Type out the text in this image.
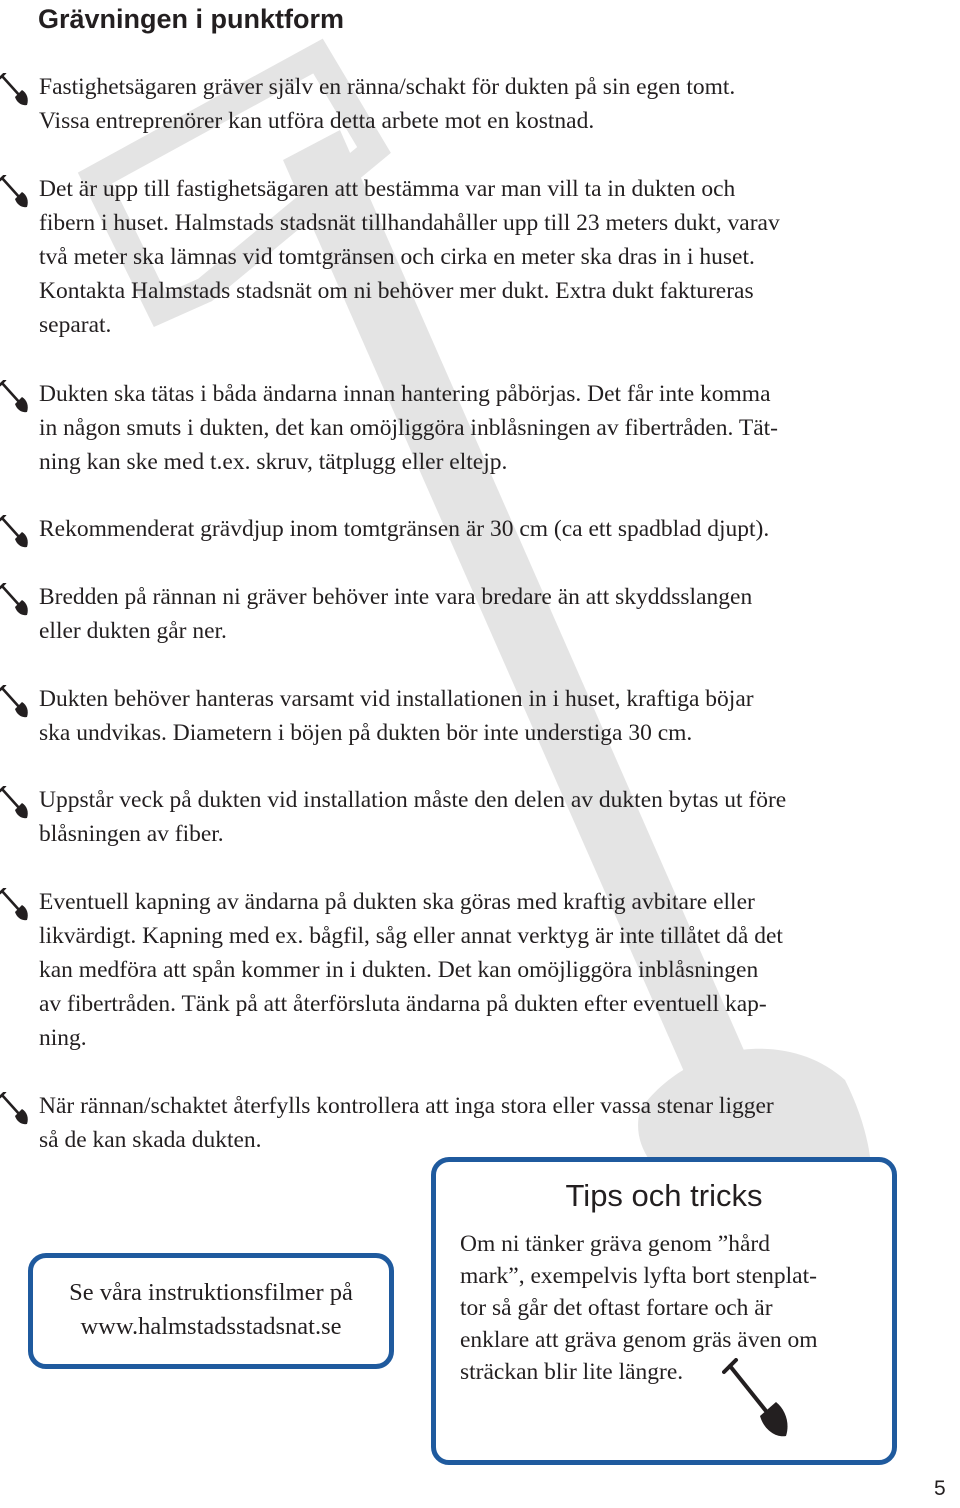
Grävningen i punktform
Fastighetsägaren gräver själv en ränna/schakt för dukten på sin egen tomt.
Vissa entreprenörer kan utföra detta arbete mot en kostnad.
Det är upp till fastighetsägaren att bestämma var man vill ta in dukten och
fibern i huset. Halmstads stadsnät tillhandahåller upp till 23 meters dukt, varav
två meter ska lämnas vid tomtgränsen och cirka en meter ska dras in i huset.
Kontakta Halmstads stadsnät om ni behöver mer dukt. Extra dukt faktureras
separat.
Dukten ska tätas i båda ändarna innan hantering påbörjas. Det får inte komma
in någon smuts i dukten, det kan omöjliggöra inblåsningen av fibertråden. Tät-
ning kan ske med t.ex. skruv, tätplugg eller eltejp.
Rekommenderat grävdjup inom tomtgränsen är 30 cm (ca ett spadblad djupt).
Bredden på rännan ni gräver behöver inte vara bredare än att skyddsslangen
eller dukten går ner.
Dukten behöver hanteras varsamt vid installationen in i huset, kraftiga böjar
ska undvikas. Diametern i böjen på dukten bör inte understiga 30 cm.
Uppstår veck på dukten vid installation måste den delen av dukten bytas ut före
blåsningen av fiber.
Eventuell kapning av ändarna på dukten ska göras med kraftig avbitare eller
likvärdigt. Kapning med ex. bågfil, såg eller annat verktyg är inte tillåtet då det
kan medföra att spån kommer in i dukten. Det kan omöjliggöra inblåsningen
av fibertråden. Tänk på att återförsluta ändarna på dukten efter eventuell kap-
ning.
När rännan/schaktet återfylls kontrollera att inga stora eller vassa stenar ligger
så de kan skada dukten.
Se våra instruktionsfilmer på
www.halmstadsstadsnat.se
Tips och tricks
Om ni tänker gräva genom ”hård
mark”, exempelvis lyfta bort stenplat-
tor så går det oftast fortare och är
enklare att gräva genom gräs även om
sträckan blir lite längre.
5
